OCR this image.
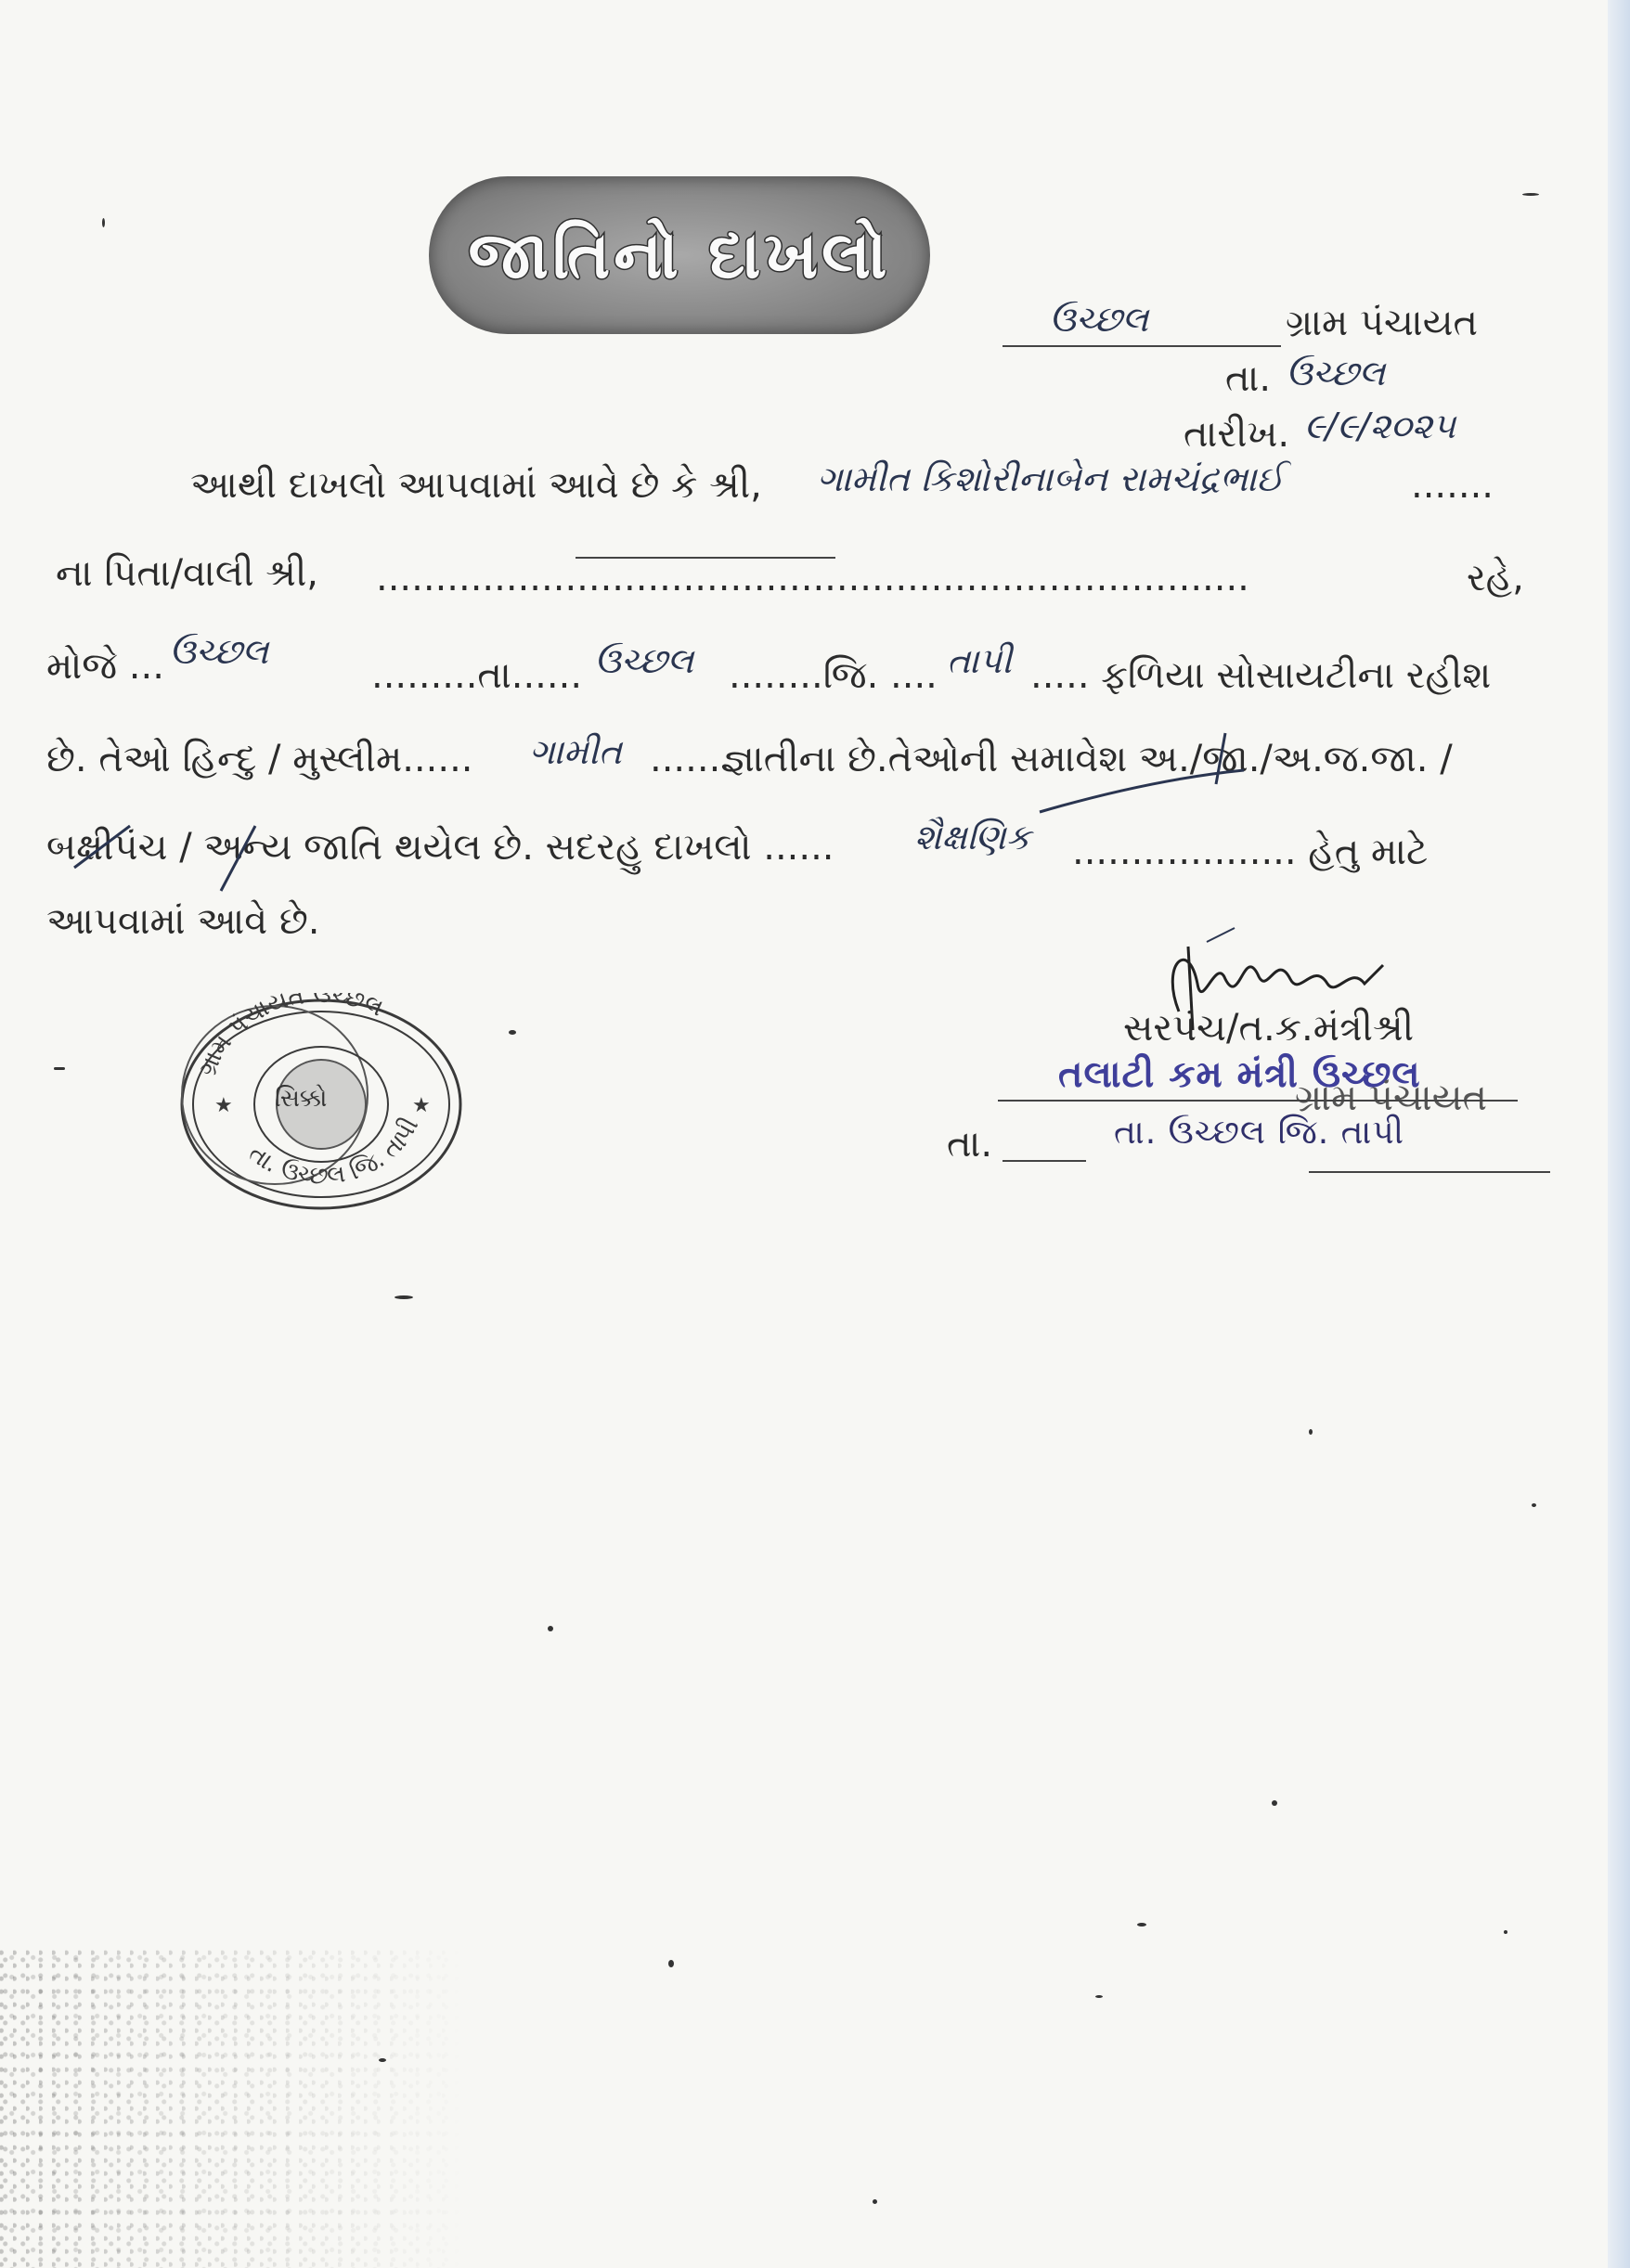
જાતિનો દાખલો
ઉચ્છલ	ગ્રામ પંચાયત
તા. ઉચ્છલ
તારીખ. ૯/૯/૨૦૨૫
આથી દાખલો આપવામાં આવે છે કે શ્રી, ગામીત કિશોરીનાબેન રામચંદ્રભાઈ	.......
ના પિતા/વાલી શ્રી, ..........................................................................	રહે,
મોજે ... ઉચ્છલ
.........તા...... ઉચ્છલ ........જિ. .... તાપી ..... ફળિયા સોસાયટીના રહીશ
છે. તેઓ હિન્દુ / મુસ્લીમ...... ગામીત ......જ્ઞાતીના છે.તેઓની સમાવેશ અ./જા./અ.જ.જા. /
બક્ષીપંચ / અન્ય જાતિ થયેલ છે. સદરહુ દાખલો ...... શૈક્ષણિક ................... હેતુ માટે
આપવામાં આવે છે.
સરપંચ/ત.ક.મંત્રીશ્રી
તલાટી કમ મંત્રી ઉચ્છલ
ગ્રામ પંચાયત
તા.	તા. ઉચ્છલ જિ. તાપી
ગ્રામ પંચાયત ઉચ્છલ
તા. ઉચ્છલ જિ. તાપી
★	★
સિક્કો
